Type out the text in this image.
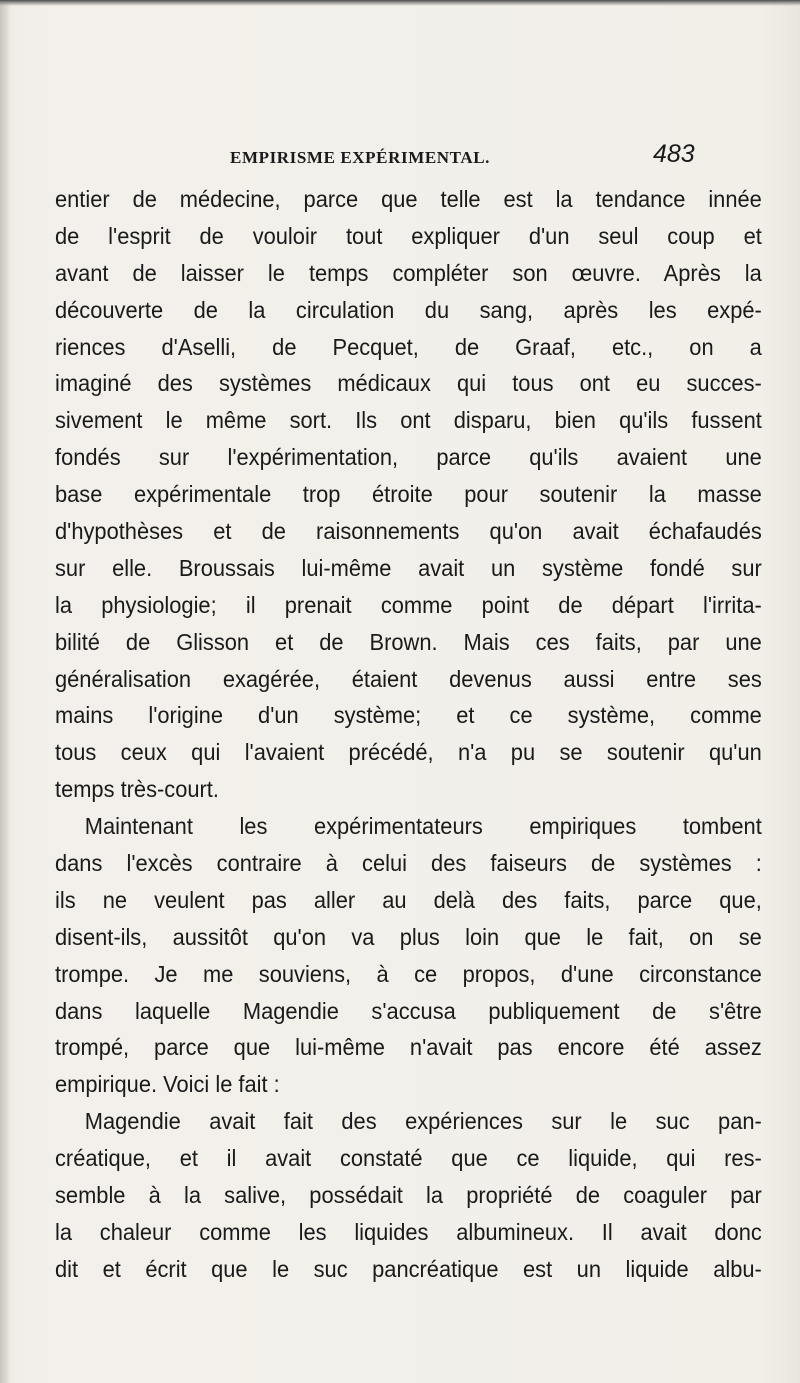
EMPIRISME EXPÉRIMENTAL.	483
entier de médecine, parce que telle est la tendance innée
de l'esprit de vouloir tout expliquer d'un seul coup et
avant de laisser le temps compléter son œuvre. Après la
découverte de la circulation du sang, après les expé-
riences d'Aselli, de Pecquet, de Graaf, etc., on a
imaginé des systèmes médicaux qui tous ont eu succes-
sivement le même sort. Ils ont disparu, bien qu'ils fussent
fondés sur l'expérimentation, parce qu'ils avaient une
base expérimentale trop étroite pour soutenir la masse
d'hypothèses et de raisonnements qu'on avait échafaudés
sur elle. Broussais lui-même avait un système fondé sur
la physiologie; il prenait comme point de départ l'irrita-
bilité de Glisson et de Brown. Mais ces faits, par une
généralisation exagérée, étaient devenus aussi entre ses
mains l'origine d'un système; et ce système, comme
tous ceux qui l'avaient précédé, n'a pu se soutenir qu'un
temps très-court.
Maintenant les expérimentateurs empiriques tombent
dans l'excès contraire à celui des faiseurs de systèmes :
ils ne veulent pas aller au delà des faits, parce que,
disent-ils, aussitôt qu'on va plus loin que le fait, on se
trompe. Je me souviens, à ce propos, d'une circonstance
dans laquelle Magendie s'accusa publiquement de s'être
trompé, parce que lui-même n'avait pas encore été assez
empirique. Voici le fait :
Magendie avait fait des expériences sur le suc pan-
créatique, et il avait constaté que ce liquide, qui res-
semble à la salive, possédait la propriété de coaguler par
la chaleur comme les liquides albumineux. Il avait donc
dit et écrit que le suc pancréatique est un liquide albu-
